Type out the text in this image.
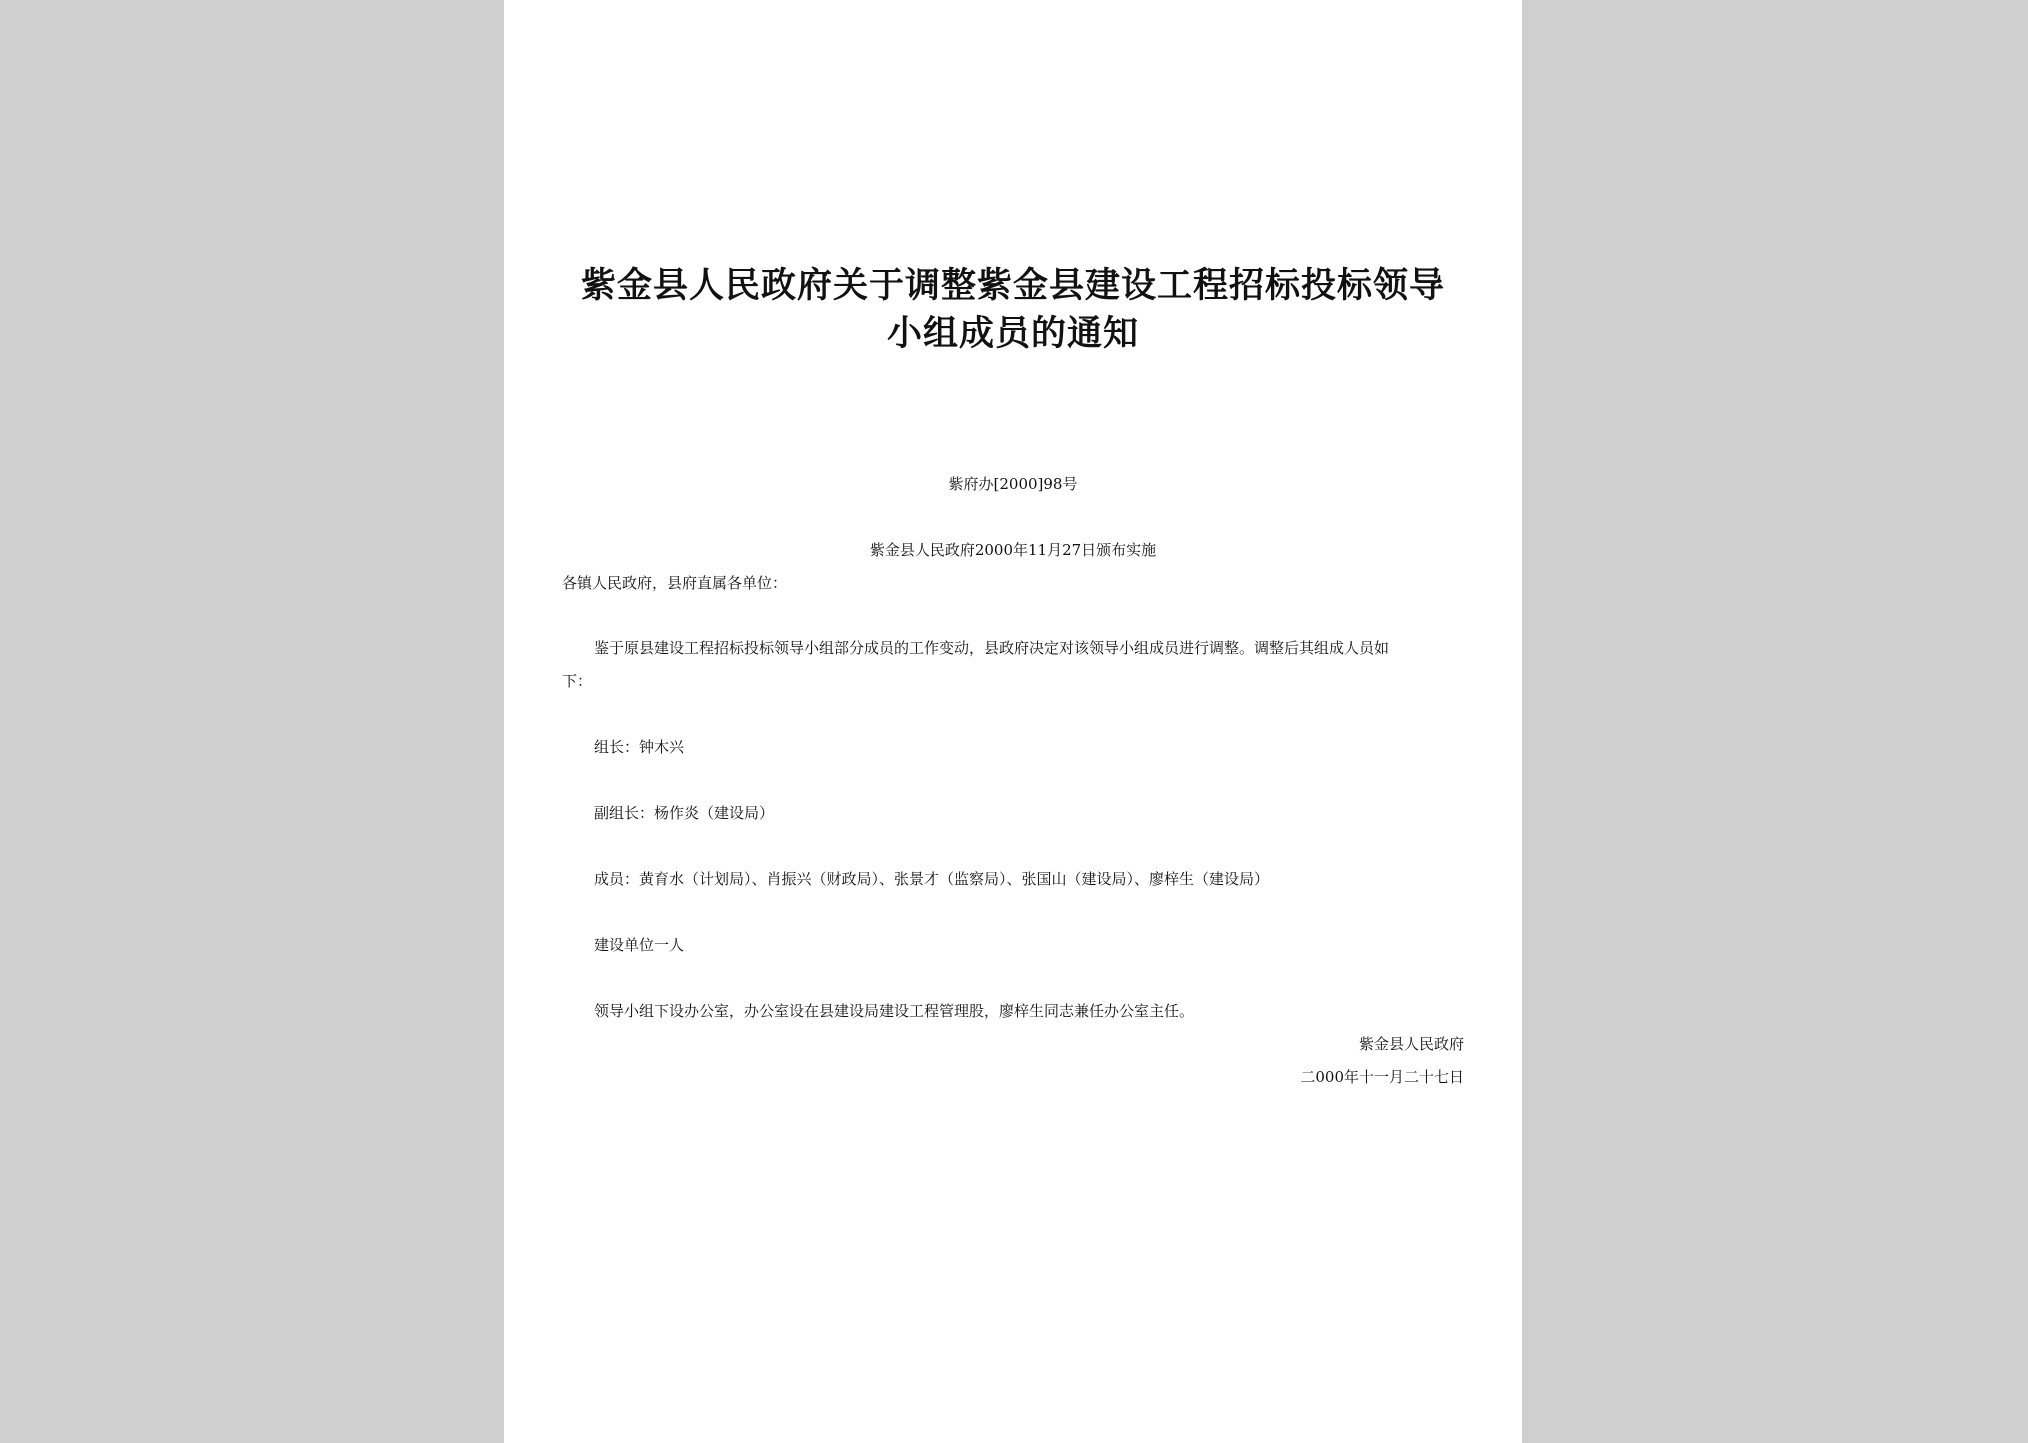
紫金县人民政府关于调整紫金县建设工程招标投标领导
小组成员的通知
紫府办[2000]98号
紫金县人民政府2000年11月27日颁布实施
各镇人民政府，县府直属各单位：
鉴于原县建设工程招标投标领导小组部分成员的工作变动，县政府决定对该领导小组成员进行调整。调整后其组成人员如
下：
组长：钟木兴
副组长：杨作炎（建设局）
成员：黄育水（计划局）、肖振兴（财政局）、张景才（监察局）、张国山（建设局）、廖梓生（建设局）
建设单位一人
领导小组下设办公室，办公室设在县建设局建设工程管理股，廖梓生同志兼任办公室主任。
紫金县人民政府
二000年十一月二十七日
